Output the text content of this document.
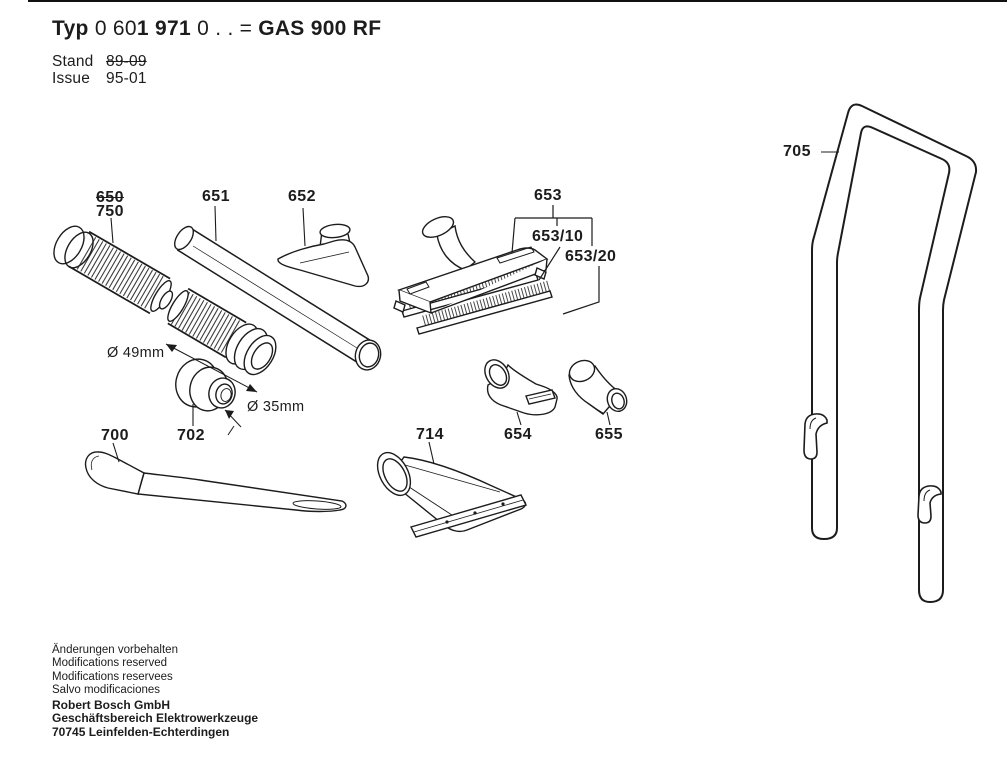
Typ 0 601 971 0 . . = GAS 900 RF
Stand 89-09
Issue 95-01
650
750
651	652	653
653/10
653/20
654	655
700	702	714
705
Ø 49mm
Ø 35mm
Änderungen vorbehalten
Modifications reserved
Modifications reservees
Salvo modificaciones
Robert Bosch GmbH
Geschäftsbereich Elektrowerkzeuge
70745 Leinfelden-Echterdingen
